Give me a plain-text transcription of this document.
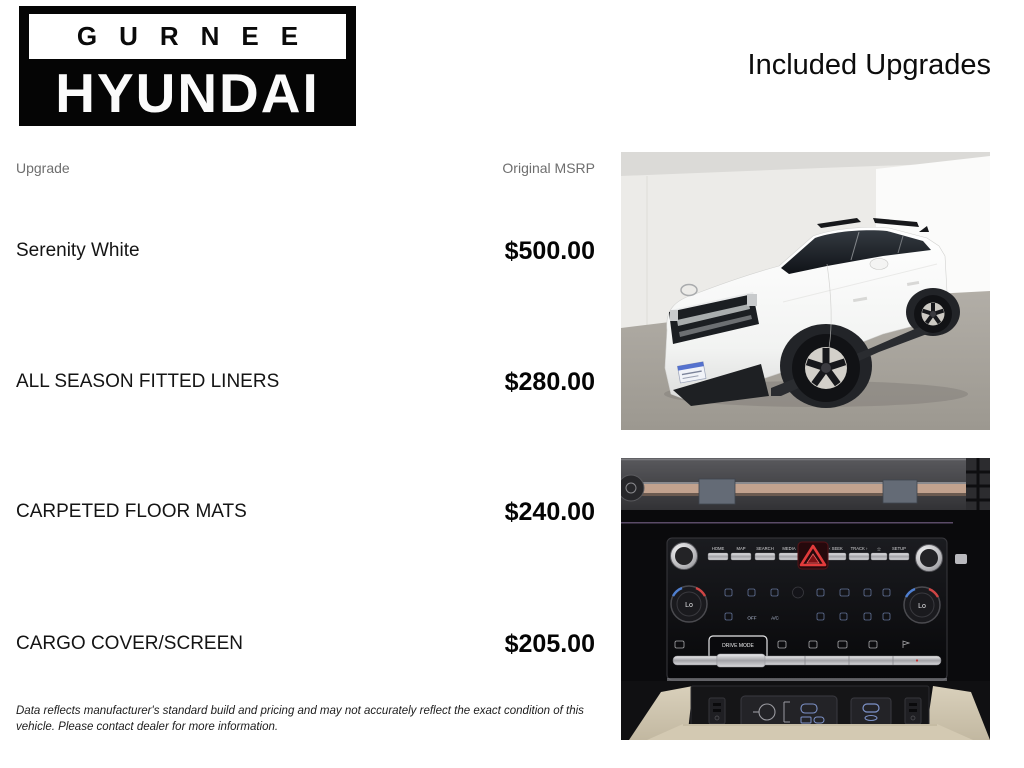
GURNEE
HYUNDAI	Included Upgrades
Upgrade	Original MSRP
Serenity White	$500.00
ALL SEASON FITTED LINERS	$280.00
CARPETED FLOOR MATS	$240.00
CARGO COVER/SCREEN	$205.00

Data reflects manufacturer's standard build and pricing and may not accurately reflect the exact condition of this vehicle. Please contact dealer for more information.

HOME	MAP	SEARCH MEDIA	‹ SEEK TRACK › ☆	SETUP
Lo	Lo
OFF	A/C
DRIVE MODE
